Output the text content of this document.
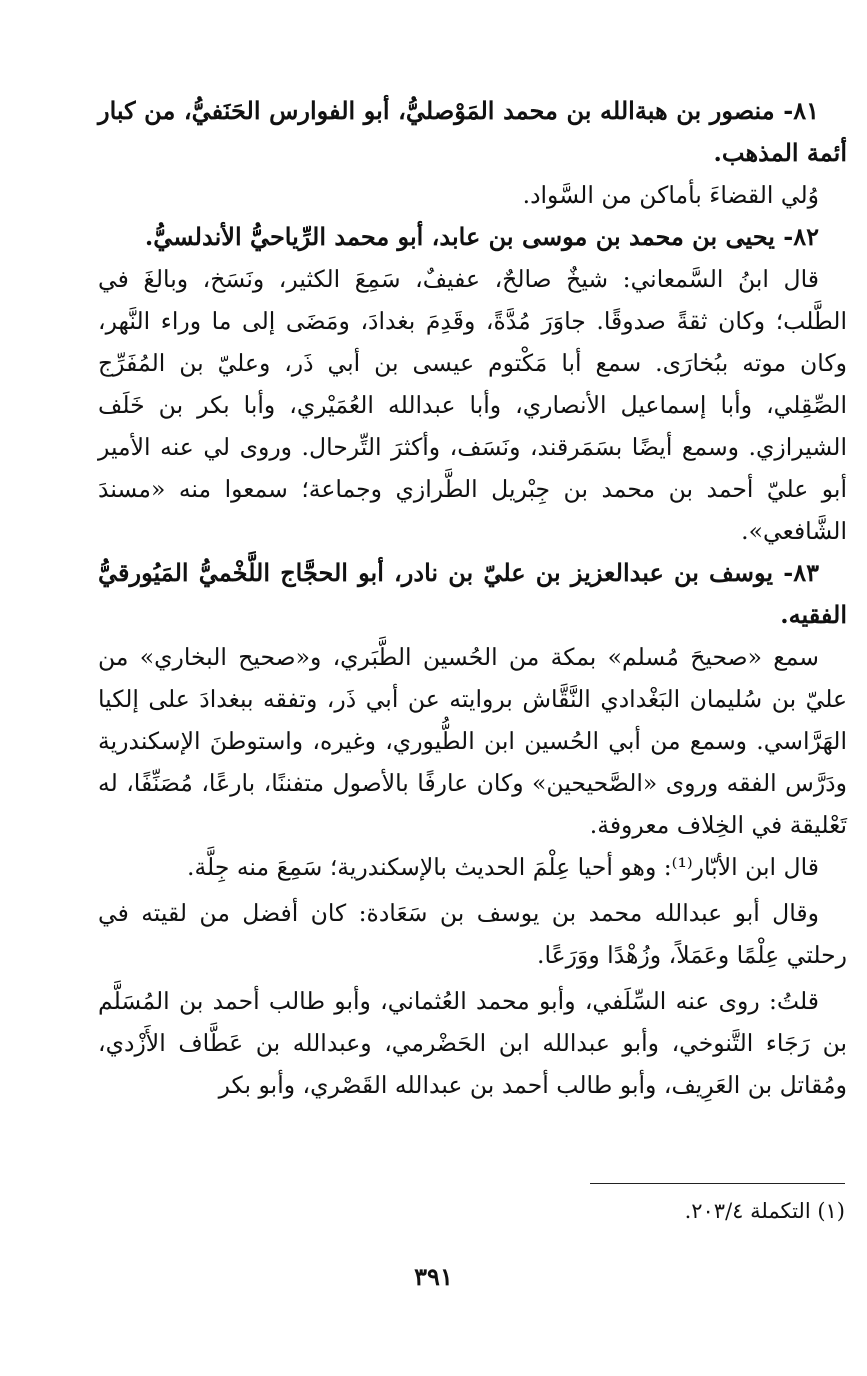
٨١- منصور بن هبةالله بن محمد المَوْصليُّ، أبو الفوارس الحَنَفيُّ، من كبار أئمة المذهب.

وُلي القضاءَ بأماكن من السَّواد.

٨٢- يحيى بن محمد بن موسى بن عابد، أبو محمد الرِّياحيُّ الأندلسيُّ.

قال ابنُ السَّمعاني: شيخٌ صالحٌ، عفيفٌ، سَمِعَ الكثير، ونَسَخ، وبالغَ في الطَّلب؛ وكان ثقةً صدوقًا. جاوَرَ مُدَّةً، وقَدِمَ بغدادَ، ومَضَى إلى ما وراء النَّهر، وكان موته ببُخارَى. سمع أبا مَكْتوم عيسى بن أبي ذَر، وعليّ بن المُفَرِّج الصِّقِلي، وأبا إسماعيل الأنصاري، وأبا عبدالله العُمَيْري، وأبا بكر بن خَلَف الشيرازي. وسمع أيضًا بسَمَرقند، ونَسَف، وأكثرَ التِّرحال. وروى لي عنه الأمير أبو عليّ أحمد بن محمد بن جِبْريل الطَّرازي وجماعة؛ سمعوا منه «مسندَ الشَّافعي».

٨٣- يوسف بن عبدالعزيز بن عليّ بن نادر، أبو الحجَّاج اللَّخْميُّ المَيُورقيُّ الفقيه.

سمع «صحيحَ مُسلم» بمكة من الحُسين الطَّبَري، و«صحيح البخاري» من عليّ بن سُليمان البَغْدادي النَّقَّاش بروايته عن أبي ذَر، وتفقه ببغدادَ على إلكيا الهَرَّاسي. وسمع من أبي الحُسين ابن الطُّيوري، وغيره، واستوطنَ الإسكندرية ودَرَّس الفقه وروى «الصَّحيحين» وكان عارفًا بالأصول متفننًا، بارعًا، مُصَنِّفًا، له تَعْليقة في الخِلاف معروفة.

قال ابن الأبّار⁽¹⁾: وهو أحيا عِلْمَ الحديث بالإسكندرية؛ سَمِعَ منه جِلَّة.

وقال أبو عبدالله محمد بن يوسف بن سَعَادة: كان أفضل من لقيته في رحلتي عِلْمًا وعَمَلاً، وزُهْدًا ووَرَعًا.

قلتُ: روى عنه السِّلَفي، وأبو محمد العُثماني، وأبو طالب أحمد بن المُسَلَّم بن رَجَاء التَّنوخي، وأبو عبدالله ابن الحَضْرمي، وعبدالله بن عَطَّاف الأَزْدي، ومُقاتل بن العَرِيف، وأبو طالب أحمد بن عبدالله القَصْري، وأبو بكر

(١) التكملة ٢٠٣/٤.
٣٩١
